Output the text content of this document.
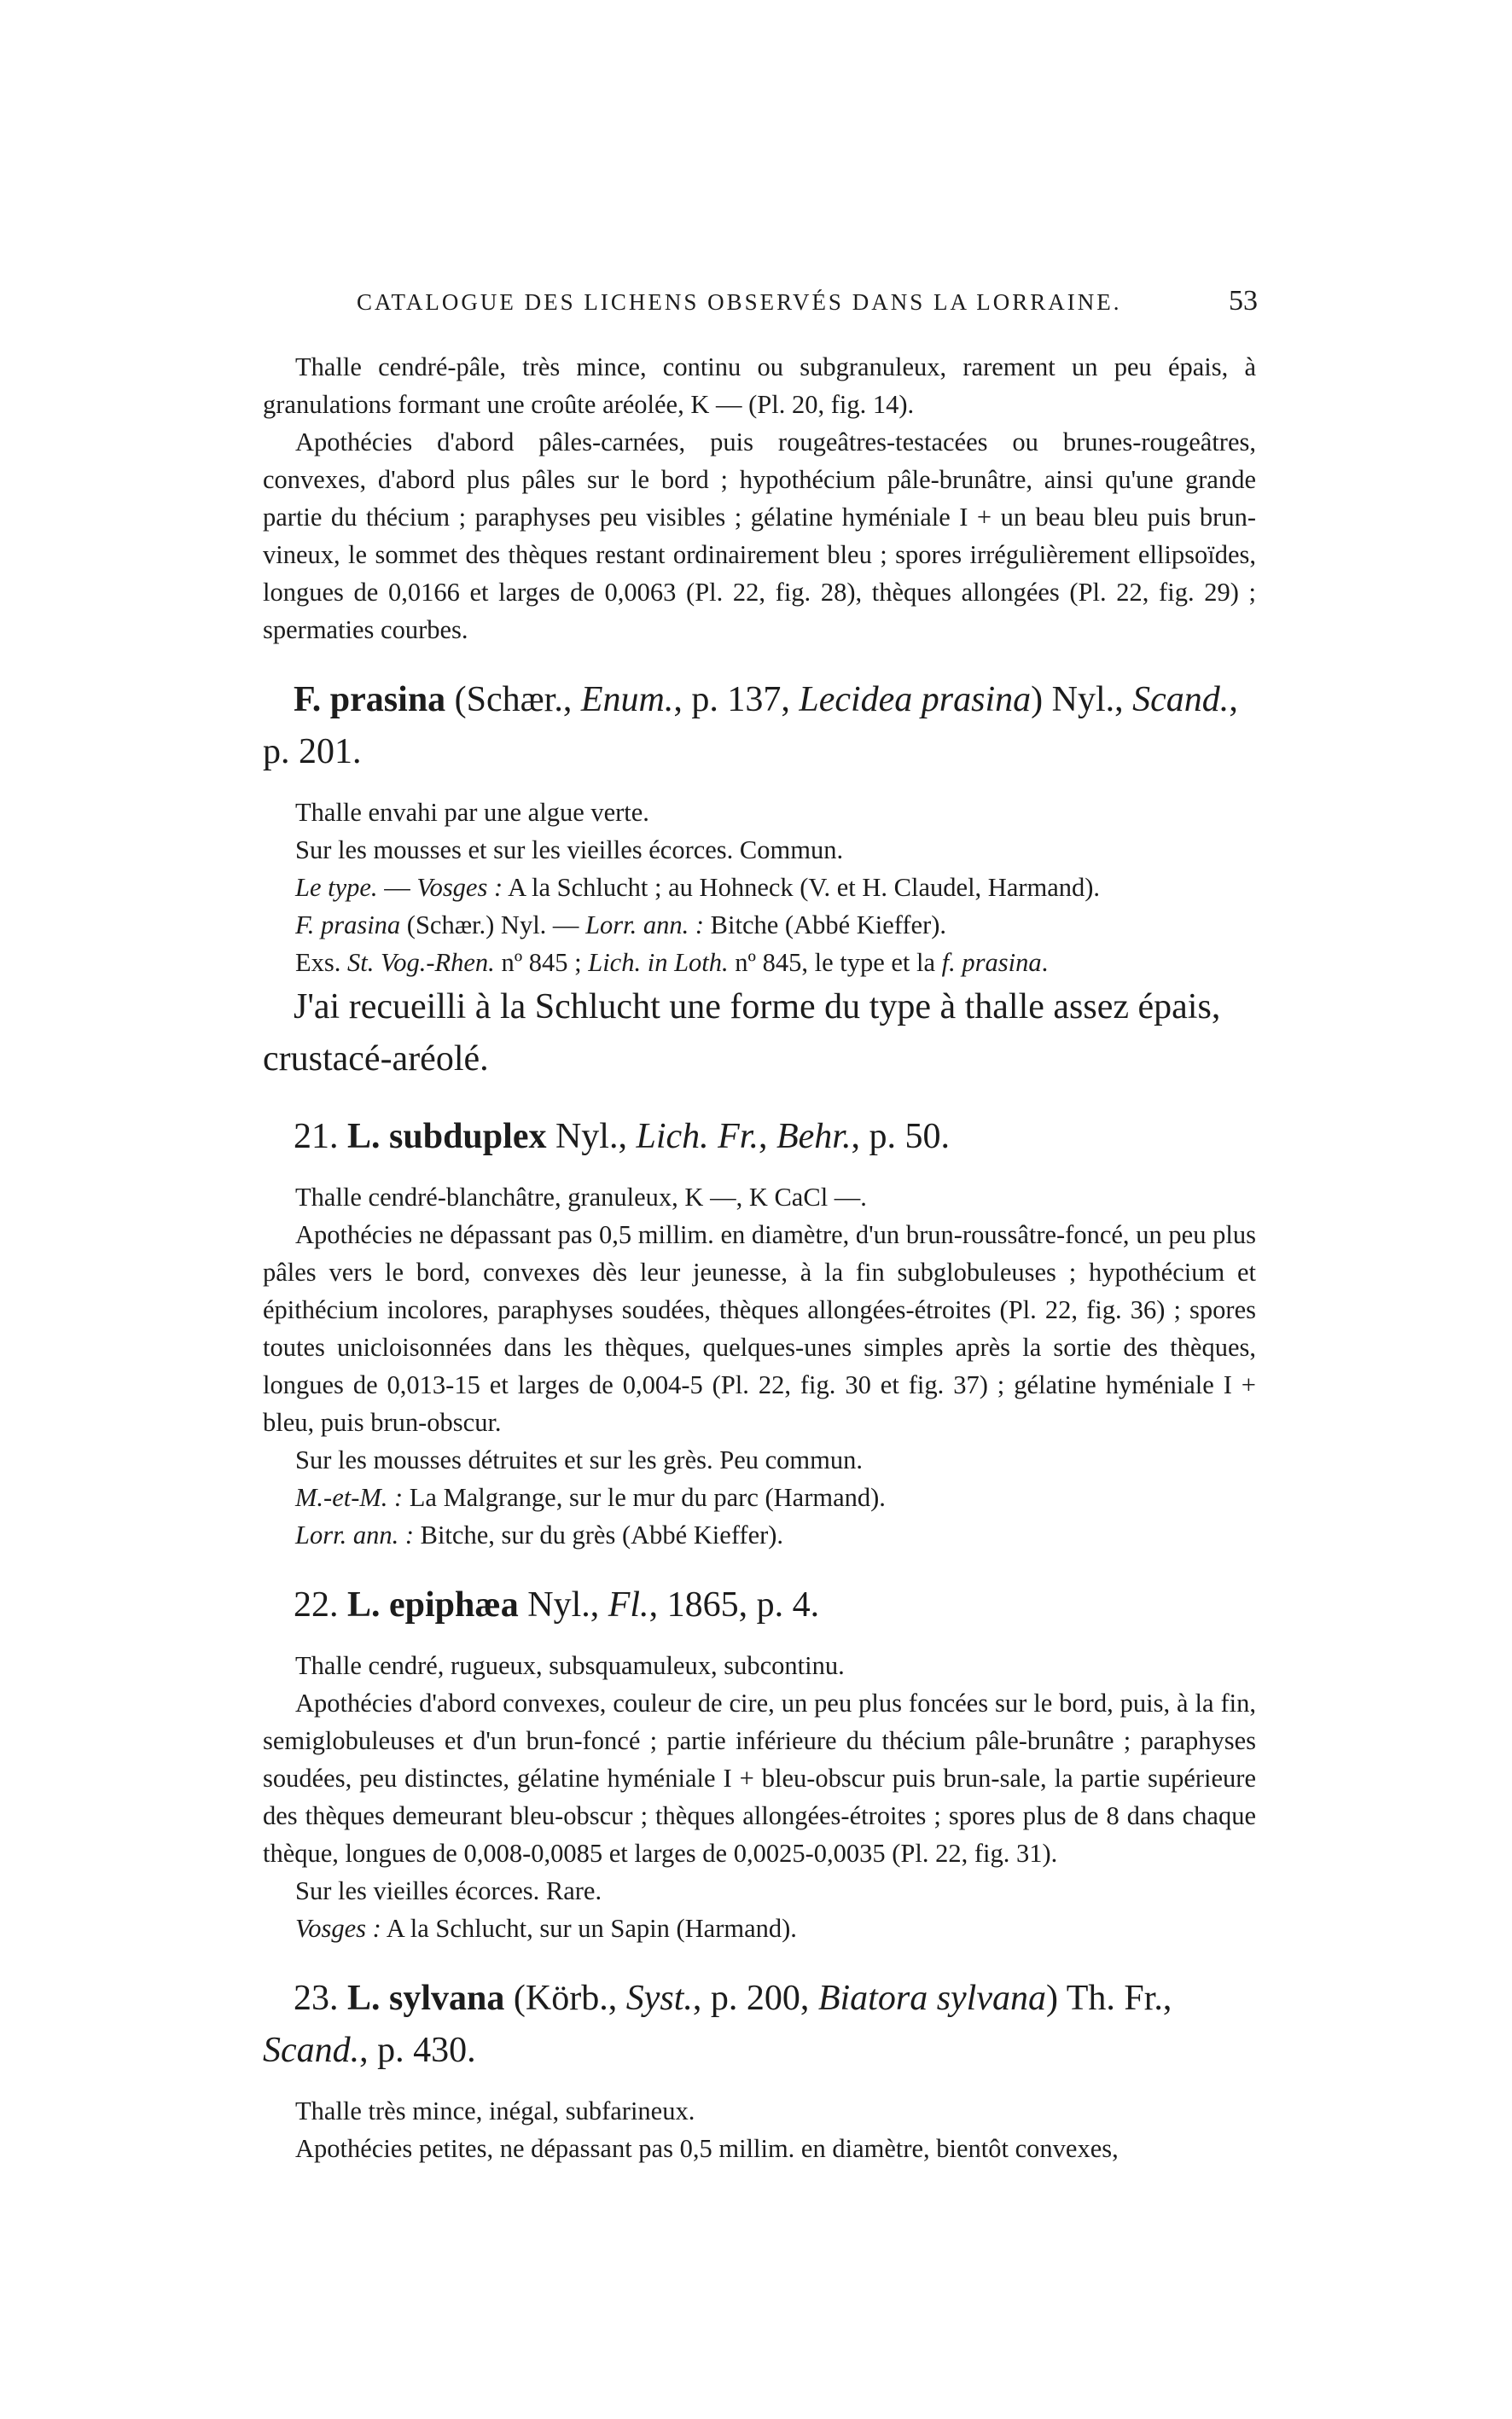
CATALOGUE DES LICHENS OBSERVÉS DANS LA LORRAINE.	53

Thalle cendré-pâle, très mince, continu ou subgranuleux, rarement un peu épais, à granulations formant une croûte aréolée, K — (Pl. 20, fig. 14).

Apothécies d'abord pâles-carnées, puis rougeâtres-testacées ou brunes-rougeâtres, convexes, d'abord plus pâles sur le bord ; hypothécium pâle-brunâtre, ainsi qu'une grande partie du thécium ; paraphyses peu visibles ; gélatine hyméniale I + un beau bleu puis brun-vineux, le sommet des thèques restant ordinairement bleu ; spores irrégulièrement ellipsoïdes, longues de 0,0166 et larges de 0,0063 (Pl. 22, fig. 28), thèques allongées (Pl. 22, fig. 29) ; spermaties courbes.

F. prasina (Schær., Enum., p. 137, Lecidea prasina) Nyl., Scand., p. 201.

Thalle envahi par une algue verte.

Sur les mousses et sur les vieilles écorces. Commun.

Le type. — Vosges : A la Schlucht ; au Hohneck (V. et H. Claudel, Harmand).

F. prasina (Schær.) Nyl. — Lorr. ann. : Bitche (Abbé Kieffer).

Exs. St. Vog.-Rhen. nº 845 ; Lich. in Loth. nº 845, le type et la f. prasina.

J'ai recueilli à la Schlucht une forme du type à thalle assez épais, crustacé-aréolé.

21. L. subduplex Nyl., Lich. Fr., Behr., p. 50.

Thalle cendré-blanchâtre, granuleux, K —, K CaCl —.

Apothécies ne dépassant pas 0,5 millim. en diamètre, d'un brun-roussâtre-foncé, un peu plus pâles vers le bord, convexes dès leur jeunesse, à la fin subglobuleuses ; hypothécium et épithécium incolores, paraphyses soudées, thèques allongées-étroites (Pl. 22, fig. 36) ; spores toutes unicloisonnées dans les thèques, quelques-unes simples après la sortie des thèques, longues de 0,013-15 et larges de 0,004-5 (Pl. 22, fig. 30 et fig. 37) ; gélatine hyméniale I + bleu, puis brun-obscur.

Sur les mousses détruites et sur les grès. Peu commun.

M.-et-M. : La Malgrange, sur le mur du parc (Harmand).

Lorr. ann. : Bitche, sur du grès (Abbé Kieffer).

22. L. epiphæa Nyl., Fl., 1865, p. 4.

Thalle cendré, rugueux, subsquamuleux, subcontinu.

Apothécies d'abord convexes, couleur de cire, un peu plus foncées sur le bord, puis, à la fin, semiglobuleuses et d'un brun-foncé ; partie inférieure du thécium pâle-brunâtre ; paraphyses soudées, peu distinctes, gélatine hyméniale I + bleu-obscur puis brun-sale, la partie supérieure des thèques demeurant bleu-obscur ; thèques allongées-étroites ; spores plus de 8 dans chaque thèque, longues de 0,008-0,0085 et larges de 0,0025-0,0035 (Pl. 22, fig. 31).

Sur les vieilles écorces. Rare.

Vosges : A la Schlucht, sur un Sapin (Harmand).

23. L. sylvana (Körb., Syst., p. 200, Biatora sylvana) Th. Fr., Scand., p. 430.

Thalle très mince, inégal, subfarineux.

Apothécies petites, ne dépassant pas 0,5 millim. en diamètre, bientôt convexes,
